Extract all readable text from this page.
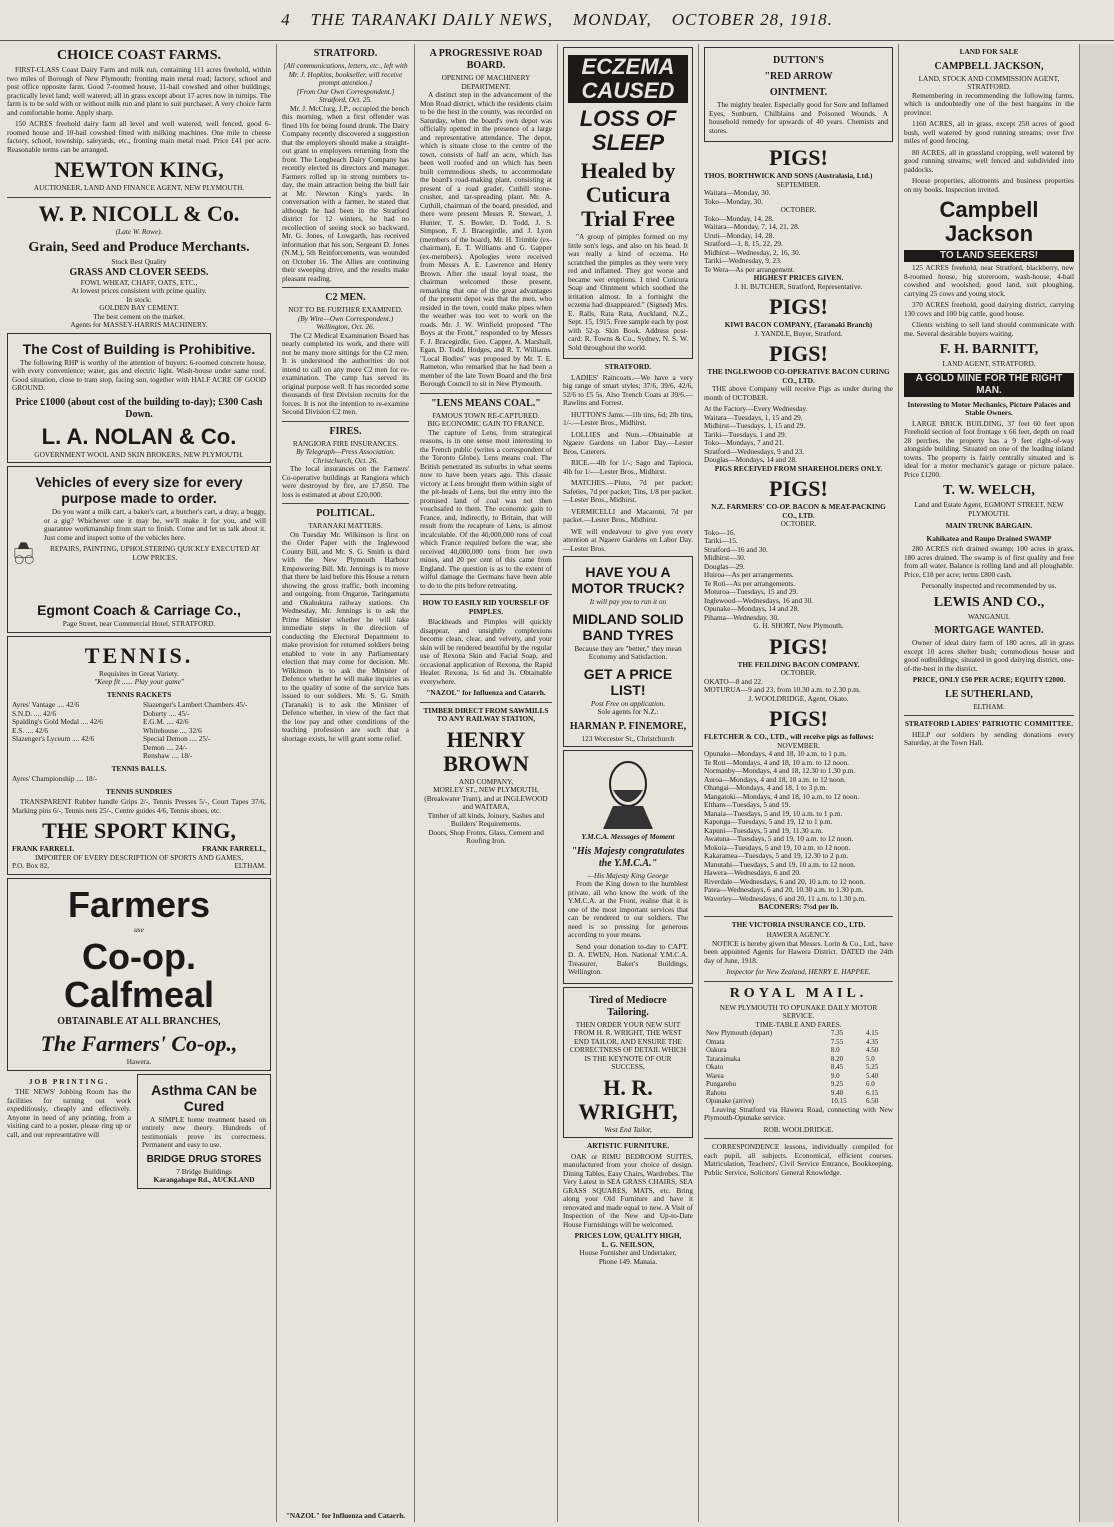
4 THE TARANAKI DAILY NEWS, MONDAY, OCTOBER 28, 1918.
CHOICE COAST FARMS.

FIRST-CLASS Coast Dairy Farm and milk run, containing 111 acres freehold, within two miles of Borough of New Plymouth; fronting main metal road; factory, school and post office opposite farm. Good 7-roomed house, 11-bail cowshed and other buildings; practically level land; well watered; all in grass except about 17 acres now in turnips. The farm is to be sold with or without milk run and plant to suit purchaser. A very choice farm and comfortable home. Apply sharp.

150 ACRES freehold dairy farm all level and well watered, well fenced, good 6-roomed house and 10-bail cowshed fitted with milking machines. One mile to cheese factory, school, township, saleyards, etc., fronting main metal road. Price £41 per acre. Reasonable terms can be arranged.

NEWTON KING,
AUCTIONEER, LAND AND FINANCE AGENT, NEW PLYMOUTH.
W. P. NICOLL & Co.
(Late W. Rowe).
Grain, Seed and Produce Merchants.
Stock Best Quality
GRASS AND CLOVER SEEDS.
FOWL WHEAT, CHAFF, OATS, ETC.,
At lowest prices consistent with prime quality.
In stock:
GOLDEN BAY CEMENT.
The best cement on the market.
Agents for MASSEY-HARRIS MACHINERY.
The Cost of Building is Prohibitive.

The following RHP is worthy of the attention of buyers: 6-roomed concrete house, with every convenience; water, gas and electric light. Wash-house under same roof. Good situation, close to tram stop, facing sun, together with HALF ACRE OF GOOD GROUND.

Price £1000 (about cost of the building to-day); £300 Cash Down.
L. A. NOLAN & Co.
GOVERNMENT WOOL AND SKIN BROKERS, NEW PLYMOUTH.
Vehicles of every size for every purpose made to order.

Do you want a milk cart, a baker's cart, a butcher's cart, a dray, a buggy, or a gig? Whichever one it may be, we'll make it for you, and will guarantee workmanship from start to finish. Come and let us talk about it. Just come and inspect some of the vehicles here.

REPAIRS, PAINTING, UPHOLSTERING QUICKLY EXECUTED AT LOW PRICES.
Egmont Coach & Carriage Co.,
Page Street, near Commercial Hotel, STRATFORD.
TENNIS.
Requisites in Great Variety.
"Keep fit ...... Play your game"
TENNIS RACKETS
Ayres' Vantage .... 42/6
S.N.D. .... 42/6
Spalding's Gold Medal .... 42/6
E.S. .... 42/6
Slazenger's Lyceum .... 42/6
Slazenger's Lambert Chambers 45/-
Doherty .... 45/-
E.G.M. .... 42/6
Whitehouse .... 32/6
Special Demon .... 25/-
Demon .... 24/-
Renshaw .... 18/-
TENNIS BALLS.
Ayres' Championship .... 18/-
TENNIS SUNDRIES

TRANSPARENT Rubber handle Grips 2/-, Tennis Presses 5/-, Court Tapes 37/6, Marking pins 6/-, Tennis nets 25/-, Centre guides 4/6, Tennis shoes, etc.

THE SPORT KING,
FRANK FARRELL	FRANK FARRELL,
IMPORTER OF EVERY DESCRIPTION OF SPORTS AND GAMES,
P.O. Box 82,	ELTHAM.
Farmers
use
Co-op. Calfmeal
OBTAINABLE AT ALL BRANCHES,
The Farmers' Co-op.,
Hawera.
JOB PRINTING.

THE NEWS' Jobbing Room has the facilities for turning out work expeditiously, cheaply and effectively. Anyone in need of any printing, from a visiting card to a poster, please ring up or call, and our representative will

Asthma CAN be Cured

A SIMPLE home treatment based on entirely new theory. Hundreds of testimonials prove its correctness. Permanent and easy to use.

BRIDGE DRUG STORES
7 Bridge Buildings
Karangahape Rd., AUCKLAND
STRATFORD.
[All communications, letters, etc., left with Mr. J. Hopkins, bookseller, will receive prompt attention.]
[From Our Own Correspondent.] Stratford, Oct. 25.

Mr. J. McClurg, J.P., occupied the bench this morning, when a first offender was fined 10s for being found drunk. The Dairy Company recently discovered a suggestion that the employers should make a straight-out grant to employees returning from the front. The Longbeach Dairy Company has recently elected its directors and manager. Farmers rolled up in strong numbers to-day, the main attraction being the bull fair at Mr. Newton King's yards. In conversation with a farmer, he stated that although he had been in the Stratford district for 12 winters, he had no recollection of seeing stock so backward. Mr. G. Jones, of Lowgarth, has received information that his son, Sergeant D. Jones (N.M.), 5th Reinforcements, was wounded on October 16. The Allies are continuing their sweeping drive, and the results make pleasant reading.

C2 MEN.
NOT TO BE FURTHER EXAMINED.
(By Wire—Own Correspondent.) Wellington, Oct. 26.

The C2 Medical Examination Board has nearly completed its work, and there will not be many more sittings for the C2 men. It is understood the authorities do not intend to call on any more C2 men for re-examination. The camp has served its original purpose well. It has recorded some thousands of first Division recruits for the forces. It is not the intention to re-examine Second Division C2 men.

FIRES.
RANGIORA FIRE INSURANCES.
By Telegraph—Press Association. Christchurch, Oct. 26.

The local insurances on the Farmers' Co-operative buildings at Rangiora which were destroyed by fire, are £7,850. The loss is estimated at about £20,000.

POLITICAL.
TARANAKI MATTERS.

On Tuesday Mr. Wilkinson is first on the Order Paper with the Inglewood County Bill, and Mr. S. G. Smith is third with the New Plymouth Harbour Empowering Bill. Mr. Jennings is to move that there be laid before this House a return showing the gross traffic, both incoming and outgoing, from Ongarue, Taringamutu and Okahukura railway stations. On Wednesday, Mr. Jennings is to ask the Prime Minister whether he will take immediate steps in the direction of conducting the Electoral Department to make provision for returned soldiers being enabled to vote in any Parliamentary election that may come for decision. Mr. Wilkinson is to ask the Minister of Defence whether he will make inquiries as to the quality of some of the service hats issued to our soldiers. Mr. S. G. Smith (Taranaki) is to ask the Minister of Defence whether, in view of the fact that the low pay and other conditions of the teaching profession are such that a shortage exists, he will grant some relief.

"NAZOL" for Influenza and Catarrh.
A PROGRESSIVE ROAD BOARD.
OPENING OF MACHINERY DEPARTMENT.

A distinct step in the advancement of the Mon Road district, which the residents claim to be the best in the county, was recorded on Saturday, when the board's own depot was officially opened in the presence of a large and representative attendance. The depot, which is situate close to the centre of the town, consists of half an acre, which has been well roofed and on which has been built commodious sheds, to accommodate the board's road-making plant, consisting at present of a road grader, Cuthill stone-crusher, and tar-spreading plant. Mr. A. Cuthill, chairman of the board, presided, and there were present Messrs R. Stewart, J. Hunter, T. S. Bowler, D. Todd, J. S. Simpson, F. J. Bracegirdle, and J. Lyon (members of the board), Mr. H. Trimble (ex-chairman), E. T. Williams and G. Gapper (ex-members). Apologies were received from Messrs A. E. Lawrence and Henry Brown. After the usual loyal toast, the chairman welcomed those present, remarking that one of the great advantages of the present depot was that the men, who resided in the town, could make pipes when the weather was too wet to work on the roads. Mr. J. W. Winfield proposed "The Boys at the Front," responded to by Messrs F. J. Bracegirdle, Geo. Capper, A. Marshall, Egan, D. Todd, Hodges, and R. T. Williams. "Local Bodies" was proposed by Mr. T. E. Rameton, who remarked that he had been a member of the late Town Board and the first Borough Council to sit in New Plymouth.

"LENS MEANS COAL."
FAMOUS TOWN RE-CAPTURED.
BIG ECONOMIC GAIN TO FRANCE.

The capture of Lens, from strategical reasons, is in one sense most interesting to the French public (writes a correspondent of the Toronto Globe). Lens means coal. The British penetrated its suburbs in what seems now to have been years ago. This classic victory at Lens brought them within sight of the pit-heads of Lens, but the entry into the promised land of coal was not then vouchsafed to them. The economic gain to France, and, indirectly, to Britain, that will result from the recapture of Lens, is almost incalculable. Of the 40,000,000 tons of coal which France required before the war, she received 40,000,000 tons from her own mines, and 20 per cent of this came from England. The question is as to the extent of wilful damage the Germans have been able to do to the pits before retreating.

HOW TO EASILY RID YOURSELF OF PIMPLES.

Blackheads and Pimples will quickly disappear, and unsightly complexions become clean, clear, and velvety, and your skin will be rendered beautiful by the regular use of Rexona Skin and Facial Soap, and occasional application of Rexona, the Rapid Healer. Rexona, 1s 6d and 3s. Obtainable everywhere.

"NAZOL" for Influenza and Catarrh.
TIMBER DIRECT FROM SAWMILLS TO ANY RAILWAY STATION,
HENRY BROWN
AND COMPANY,
MORLEY ST., NEW PLYMOUTH, (Breakwater Tram), and at INGLEWOOD and WAITARA,
Timber of all kinds, Joinery, Sashes and Builders' Requirements.
Doors, Shop Fronts, Glass, Cement and Roofing Iron.
ECZEMA CAUSED
LOSS OF SLEEP
Healed by Cuticura Trial Free

"A group of pimples formed on my little son's legs, and also on his head. It was really a kind of eczema. He scratched the pimples as they were very red and inflamed. They got worse and became wet eruptions. I tried Cuticura Soap and Ointment which soothed the irritation almost. In a fortnight the eczema had disappeared." (Signed) Mrs. E. Ralls, Rata Rata, Auckland, N.Z., Sept. 15, 1915. Free sample each by post with 52-p. Skin Book. Address post-card: R. Towns & Co., Sydney, N. S. W. Sold throughout the world.

STRATFORD.

LADIES' Raincoats.—We have a very big range of smart styles; 37/6, 39/6, 42/6, 52/6 to £5 5s. Also Trench Coats at 39/6.—Rawlins and Forrest.

HUTTON'S Jams.—1lb tins, 6d; 2lb tins, 1/-.—Lester Bros., Midhirst.

LOLLIES and Nuts.—Obtainable at Ngaere Gardens on Labor Day.—Lester Bros, Caterers.

RICE.—4lb for 1/-; Sago and Tapioca, 4lb for 1/-—Lester Bros., Midhirst.

MATCHES.—Pluto, 7d per packet; Safeties, 7d per packet; Tins, 1/8 per packet.—Lester Bros., Midhirst.

VERMICELLI and Macaroni, 7d per packet.—Lester Bros., Midhirst.

WE will endeavour to give you every attention at Ngaere Gardens on Labor Day.—Lester Bros.

HAVE YOU A MOTOR TRUCK?
It will pay you to run it on
MIDLAND SOLID BAND TYRES
Because they are "better," they mean Economy and Satisfaction.
GET A PRICE LIST!
Post Free on application.
Sole agents for N.Z.:
HARMAN P. FINEMORE,
123 Worcester St., Christchurch
Y.M.C.A. Messages of Moment
"His Majesty congratulates the Y.M.C.A."
—His Majesty King George

From the King down to the humblest private, all who know the work of the Y.M.C.A. at the Front, realise that it is one of the most important services that can be rendered to our soldiers. The need is so pressing for generous according to your means.

Send your donation to-day to CAPT. D. A. EWEN, Hon. National Y.M.C.A. Treasurer, Baker's Buildings, Wellington.

Tired of Mediocre Tailoring.
THEN ORDER YOUR NEW SUIT FROM H. R. WRIGHT, THE WEST END TAILOR, AND ENSURE THE CORRECTNESS OF DETAIL WHICH IS THE KEYNOTE OF OUR SUCCESS,
H. R. WRIGHT,
West End Tailor,
ARTISTIC FURNITURE.

OAK or RIMU BEDROOM SUITES, manufactured from your choice of design. Dining Tables, Easy Chairs, Wardrobes. The Very Latest in SEA GRASS CHAIRS, SEA GRASS SQUARES, MATS, etc. Bring along your Old Furniture and have it renovated and made equal to new. A Visit of Inspection of the New and Up-to-Date House Furnishings will be welcomed.

PRICES LOW, QUALITY HIGH,
L. G. NEILSON,
House Furnisher and Undertaker,
Phone 149. Manaia.
DUTTON'S
"RED ARROW
OINTMENT.

The mighty healer. Especially good for Sore and Inflamed Eyes, Sunburn, Chilblains and Poisoned Wounds. A household remedy for upwards of 40 years. Chemists and stores.

PIGS!
THOS. BORTHWICK AND SONS (Australasia, Ltd.)
SEPTEMBER.
Waitara—Monday, 30.
Toko—Monday, 30.
OCTOBER.
Toko—Monday, 14, 28.
Waitara—Monday, 7, 14, 21, 28.
Uruti—Monday, 14, 28.
Stratford—1, 8, 15, 22, 29.
Midhirst—Wednesday, 2, 16, 30.
Tariki—Wednesday, 9, 23.
Te Wera—As per arrangement.
HIGHEST PRICES GIVEN.
J. H. BUTCHER, Stratford, Representative.
PIGS!
KIWI BACON COMPANY, (Taranaki Branch)
J. YANDLE, Buyer, Stratford.
PIGS!
THE INGLEWOOD CO-OPERATIVE BACON CURING CO., LTD.

THE above Company will receive Pigs as under during the month of OCTOBER.

At the Factory—Every Wednesday.
Waitara—Tuesdays, 1, 15 and 29.
Midhirst—Tuesdays, 1, 15 and 29.
Tariki—Tuesdays, 1 and 29.
Toko—Mondays, 7 and 21.
Stratford—Wednesdays, 9 and 23.
Douglas—Mondays, 14 and 28.
PIGS RECEIVED FROM SHAREHOLDERS ONLY.
PIGS!
N.Z. FARMERS' CO-OP. BACON & MEAT-PACKING CO., LTD.
OCTOBER.
Toko—16.
Tariki—15.
Stratford—16 and 30.
Midhirst—30.
Douglas—29.
Huiroa—As per arrangements.
Te Roti—As per arrangements.
Moturoa—Tuesdays, 15 and 29.
Inglewood—Wednesdays, 16 and 30.
Opunake—Mondays, 14 and 28.
Pihama—Wednesday, 30.
G. H. SHORT, New Plymouth.
PIGS!
THE FEILDING BACON COMPANY.
OCTOBER.
OKATO—8 and 22.
MOTURUA—9 and 23, from 10.30 a.m. to 2.30 p.m.
J. WOOLDRIDGE, Agent, Okato.
PIGS!
FLETCHER & CO., LTD., will receive pigs as follows:
NOVEMBER.
Opunake—Mondays, 4 and 18, 10 a.m. to 1 p.m.
Te Roti—Mondays, 4 and 18, 10 a.m. to 12 noon.
Normanby—Mondays, 4 and 18, 12.30 to 1.30 p.m.
Auroa—Mondays, 4 and 18, 10 a.m. to 12 noon.
Ohangai—Mondays, 4 and 18, 1 to 3 p.m.
Mangatoki—Mondays, 4 and 18, 10 a.m. to 12 noon.
Eltham—Tuesdays, 5 and 19.
Manaia—Tuesdays, 5 and 19, 10 a.m. to 1 p.m.
Kaponga—Tuesdays, 5 and 19, 12 to 1 p.m.
Kapuni—Tuesdays, 5 and 19, 11.30 a.m.
Awatuna—Tuesdays, 5 and 19, 10 a.m. to 12 noon.
Mokoia—Tuesdays, 5 and 19, 10 a.m. to 12 noon.
Kakaramea—Tuesdays, 5 and 19, 12.30 to 2 p.m.
Manutahi—Tuesdays, 5 and 19, 10 a.m. to 12 noon.
Hawera—Wednesdays, 6 and 20.
Riverdale—Wednesdays, 6 and 20, 10 a.m. to 12 noon.
Patea—Wednesdays, 6 and 20, 10.30 a.m. to 1.30 p.m.
Waverley—Wednesdays, 6 and 20, 11 a.m. to 1.30 p.m.
BACONERS: 7½d per lb.
THE VICTORIA INSURANCE CO., LTD.
HAWERA AGENCY.

NOTICE is hereby given that Messrs. Lorin & Co., Ltd., have been appointed Agents for Hawera District. DATED the 24th day of June, 1918.

Inspector for New Zealand, HENRY E. HAPPEE.
ROYAL MAIL.
NEW PLYMOUTH TO OPUNAKE DAILY MOTOR SERVICE.
TIME-TABLE AND FARES.
New Plymouth (depart)	7.35	4.15
Omata	7.55	4.35
Oakura	8.0	4.50
Tataraimaka	8.20	5.0
Okato	8.45	5.25
Warea	9.0	5.40
Pungarehu	9.25	6.0
Rahotu	9.40	6.15
Opunake (arrive)	10.15	6.50

Leaving Stratford via Hawera Road, connecting with New Plymouth-Opunake service.

ROB. WOOLDRIDGE.

CORRESPONDENCE lessons, individually compiled for each pupil, all subjects. Economical, efficient courses. Matriculation, Teachers', Civil Service Entrance, Bookkeeping, Public Service, Solicitors' General Knowledge.

LAND FOR SALE
CAMPBELL JACKSON,
LAND, STOCK AND COMMISSION AGENT, STRATFORD.

Remembering in recommending the following farms, which is undoubtedly one of the best bargains in the province:

1160 ACRES, all in grass, except 250 acres of good bush, well watered by good running streams; over five miles of good fencing.

80 ACRES, all in grassland cropping, well watered by good running streams; well fenced and subdivided into paddocks.

House properties, allotments and business properties on my books. Inspection invited.

Campbell Jackson
TO LAND SEEKERS!

125 ACRES freehold, near Stratford, blackberry, new 8-roomed house, big storeroom, wash-house, 4-bail cowshed and woolshed; good land, suit ploughing, carrying 25 cows and young stock.

370 ACRES freehold, good dairying district, carrying 130 cows and 100 big cattle, good house.

Clients wishing to sell land should communicate with me. Several desirable buyers waiting.

F. H. BARNITT,
LAND AGENT, STRATFORD.
A GOLD MINE FOR THE RIGHT MAN.
Interesting to Motor Mechanics, Picture Palaces and Stable Owners.

LARGE BRICK BUILDING, 37 feet 60 feet upon Freehold section of foot frontage x 66 feet, depth on road 28 perches, the property has a 9 feet right-of-way alongside building. Situated on one of the leading inland towns. The property is fairly centrally situated and is ideal for a motor mechanic's garage or picture palace. Price £1200.

T. W. WELCH,
Land and Estate Agent, EGMONT STREET, NEW PLYMOUTH.
MAIN TRUNK BARGAIN.
Kahikatea and Raupo Drained SWAMP

280 ACRES rich drained swamp; 100 acres in grass, 180 acres drained. The swamp is of first quality and free from all water. Balance is rolling land and all ploughable. Price, £18 per acre; terms £800 cash.

Personally inspected and recommended by us.
LEWIS AND CO.,
WANGANUI.
MORTGAGE WANTED.

Owner of ideal dairy farm of 180 acres, all in grass except 10 acres shelter bush; commodious house and good outbuildings; situated in good dairying district, one-of-the-best in the district.

PRICE, ONLY £50 PER ACRE; EQUITY £2000.
LE SUTHERLAND,
ELTHAM.
STRATFORD LADIES' PATRIOTIC COMMITTEE.

HELP our soldiers by sending donations every Saturday, at the Town Hall.
